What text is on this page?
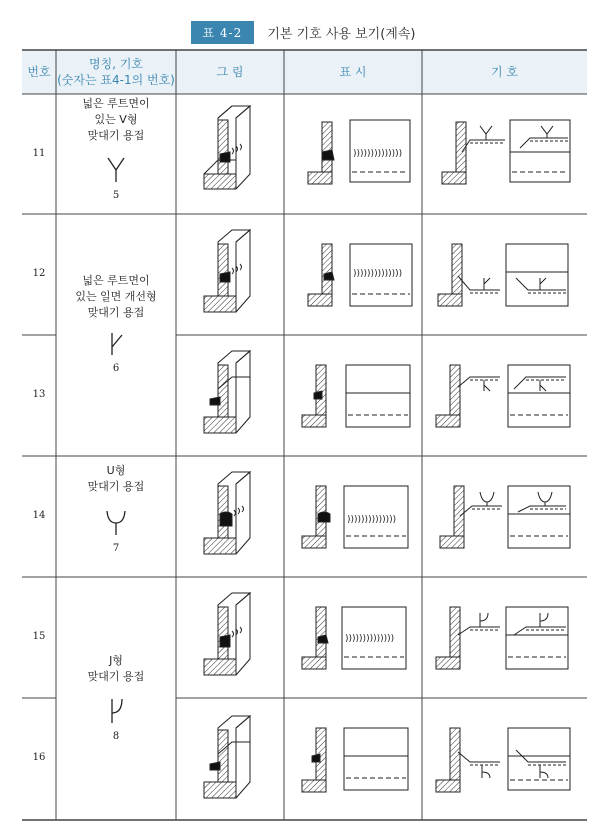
표 4-2 기본 기호 사용 보기(계속)
번호
명칭, 기호
(숫자는 표4-1의 번호)
그 림	표 시	기 호
11
12
13
14
15
16
넓은 루트면이
있는 V형
맞대기 용접
5
넓은 루트면이
있는 일면 개선형
맞대기 용접
6
U형
맞대기 용접
7
J형
맞대기 용접
8
))))))))))))))
))))))))))))))
))))))))))))))
))))))))))))))
